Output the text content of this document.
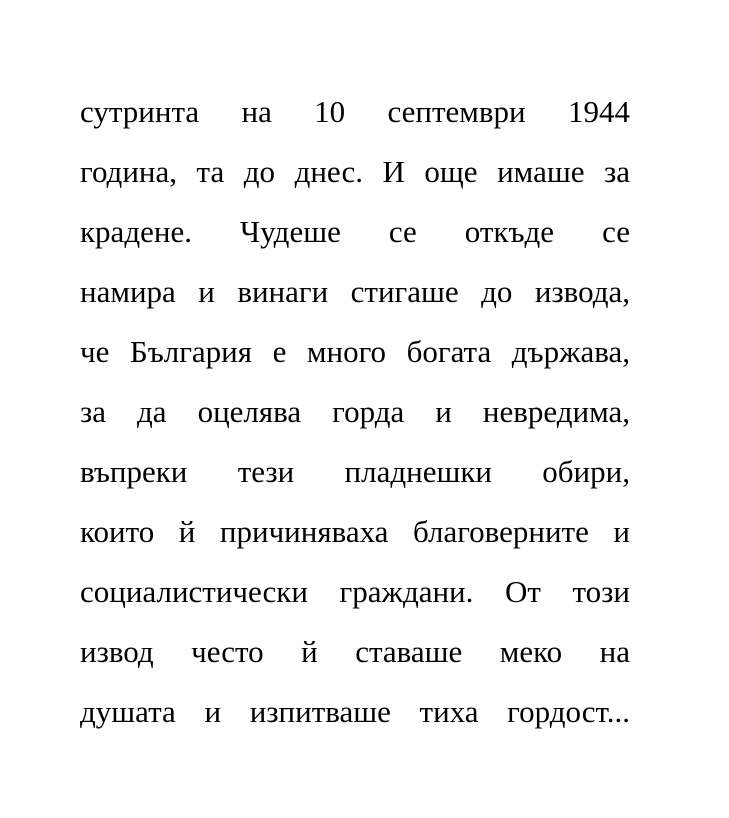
сутринта на 10 септември 1944
година, та до днес. И още имаше за
крадене. Чудеше се откъде се
намира и винаги стигаше до извода,
че България е много богата държава,
за да оцелява горда и невредима,
въпреки тези пладнешки обири,
които й причиняваха благоверните и
социалистически граждани. От този
извод често й ставаше меко на
душата и изпитваше тиха гордост...
